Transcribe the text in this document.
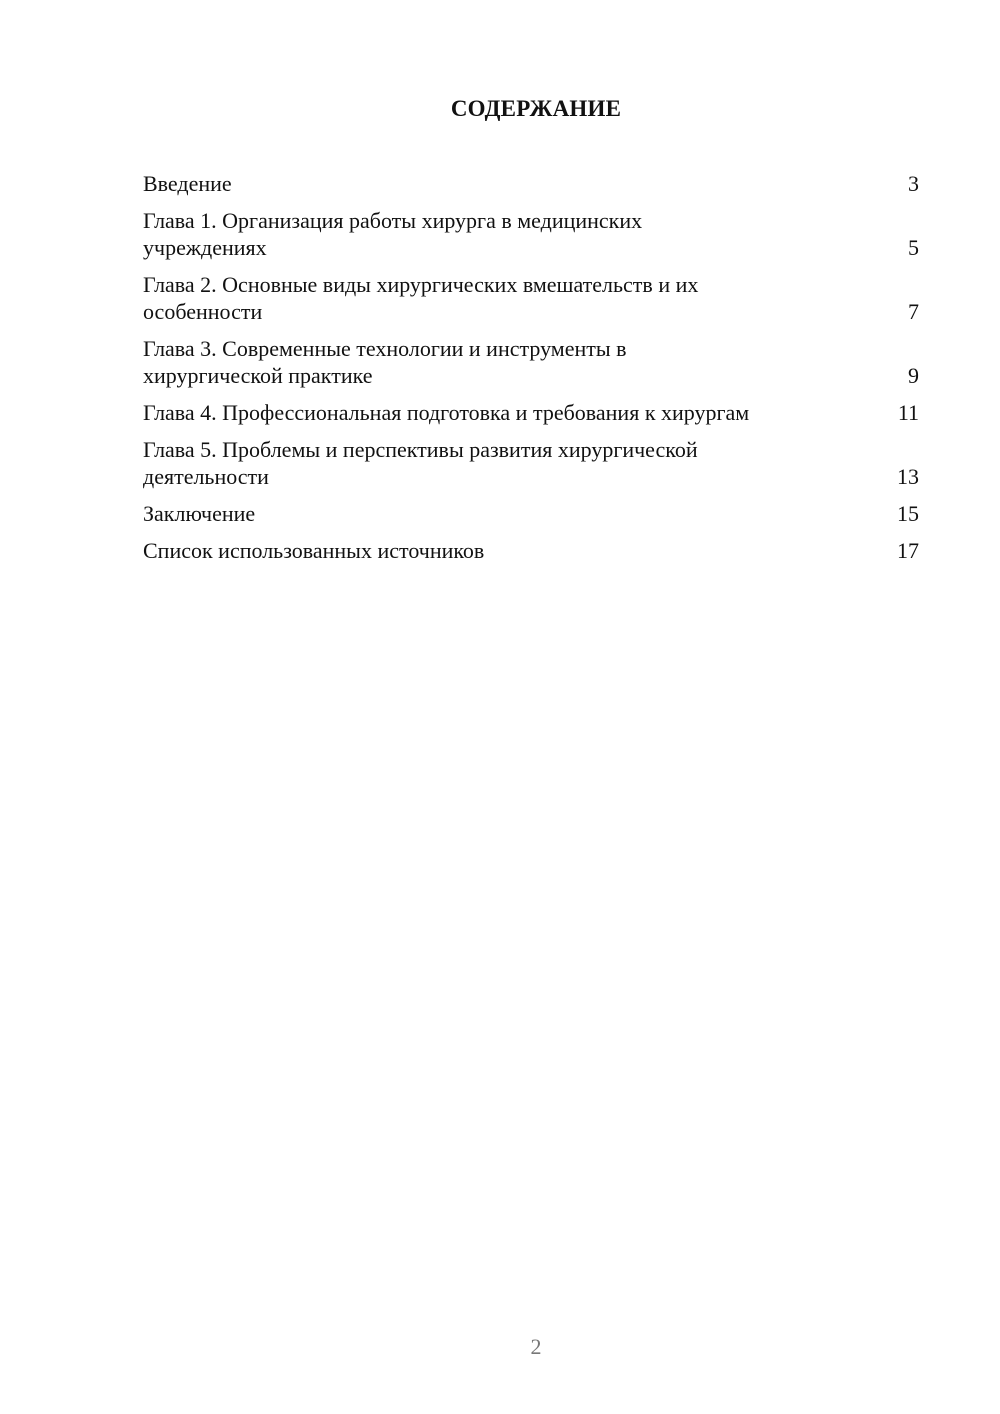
СОДЕРЖАНИЕ
Введение	3
Глава 1. Организация работы хирурга в медицинских учреждениях	5
Глава 2. Основные виды хирургических вмешательств и их особенности	7
Глава 3. Современные технологии и инструменты в хирургической практике	9
Глава 4. Профессиональная подготовка и требования к хирургам	11
Глава 5. Проблемы и перспективы развития хирургической деятельности	13
Заключение	15
Список использованных источников	17
2
